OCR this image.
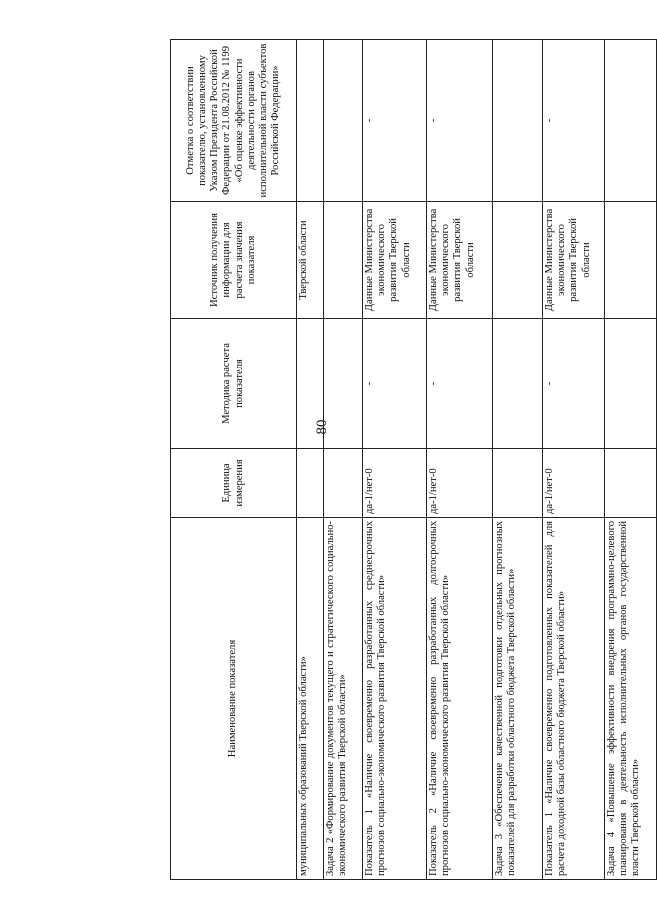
80
Наименование показателя	Единица измерения	Методика расчета показателя	Источник получения информации для расчета значения показателя	Отметка о соответствии показателю, установленному Указом Президента Российской Федерации от 21.08.2012 № 1199 «Об оценке эффективности деятельности органов исполнительной власти субъектов Российской Федерации»
муниципальных образований Тверской области»			Тверской области	
Задача 2 «Формирование документов текущего и стратегического социально-экономического развития Тверской области»				
Показатель 1 «Наличие своевременно разработанных среднесрочных прогнозов социально-экономического развития Тверской области»	да-1/нет-0	-	Данные Министерства экономического развития Тверской области	-
Показатель 2 «Наличие своевременно разработанных долгосрочных прогнозов социально-экономического развития Тверской области»	да-1/нет-0	-	Данные Министерства экономического развития Тверской области	-
Задача 3 «Обеспечение качественной подготовки отдельных прогнозных показателей для разработки областного бюджета Тверской области»				
Показатель 1 «Наличие своевременно подготовленных показателей для расчета доходной базы областного бюджета Тверской области»	да-1/нет-0	-	Данные Министерства экономического развития Тверской области	-
Задача 4 «Повышение эффективности внедрения программно-целевого планирования в деятельность исполнительных органов государственной власти Тверской области»				
